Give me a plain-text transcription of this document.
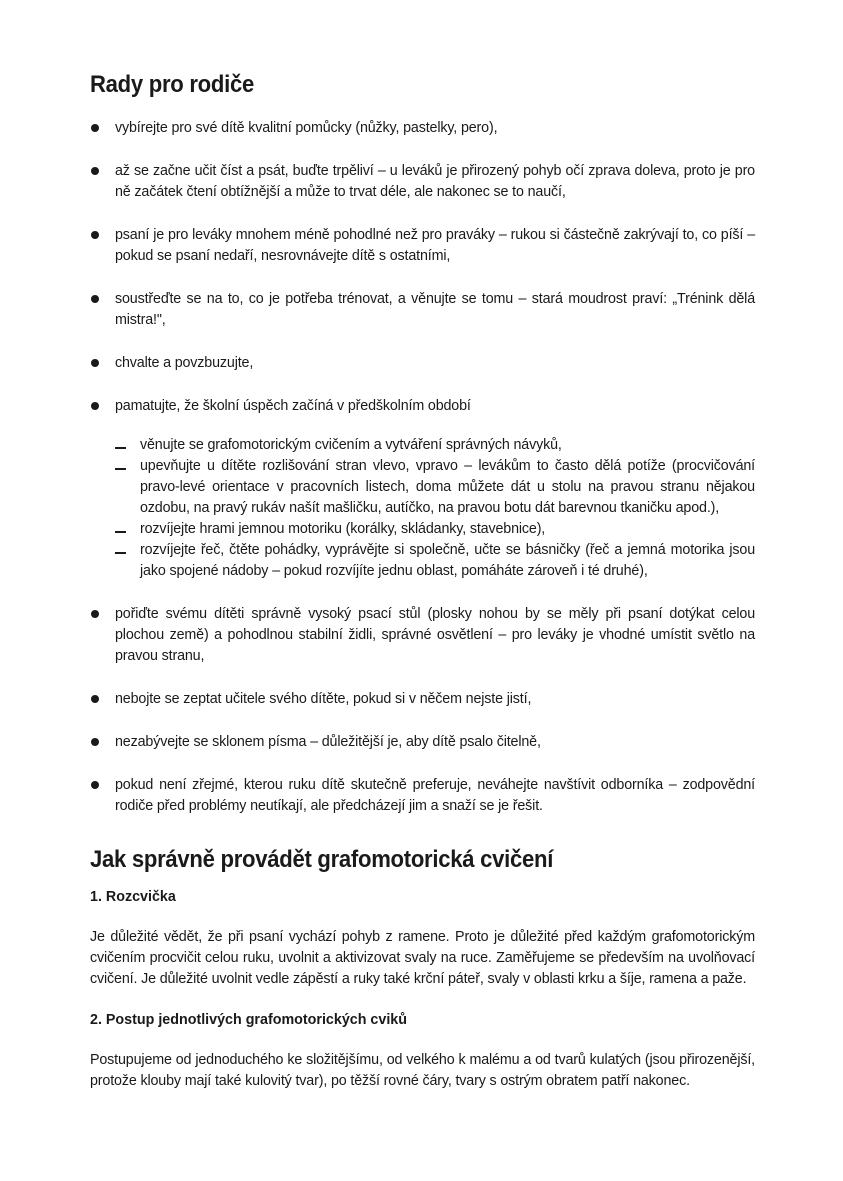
Rady pro rodiče
vybírejte pro své dítě kvalitní pomůcky (nůžky, pastelky, pero),
až se začne učit číst a psát, buďte trpěliví – u leváků je přirozený pohyb očí zprava doleva, proto je pro ně začátek čtení obtížnější a může to trvat déle, ale nakonec se to naučí,
psaní je pro leváky mnohem méně pohodlné než pro praváky – rukou si částečně zakrývají to, co píší – pokud se psaní nedaří, nesrovnávejte dítě s ostatními,
soustřeďte se na to, co je potřeba trénovat, a věnujte se tomu – stará moudrost praví: „Trénink dělá mistra!",
chvalte a povzbuzujte,
pamatujte, že školní úspěch začíná v předškolním období
věnujte se grafomotorickým cvičením a vytváření správných návyků,
upevňujte u dítěte rozlišování stran vlevo, vpravo – levákům to často dělá potíže (procvičování pravo-levé orientace v pracovních listech, doma můžete dát u stolu na pravou stranu nějakou ozdobu, na pravý rukáv našít mašličku, autíčko, na pravou botu dát barevnou tkaničku apod.),
rozvíjejte hrami jemnou motoriku (korálky, skládanky, stavebnice),
rozvíjejte řeč, čtěte pohádky, vyprávějte si společně, učte se básničky (řeč a jemná motorika jsou jako spojené nádoby – pokud rozvíjíte jednu oblast, pomáháte zároveň i té druhé),
pořiďte svému dítěti správně vysoký psací stůl (plosky nohou by se měly při psaní dotýkat celou plochou země) a pohodlnou stabilní židli, správné osvětlení – pro leváky je vhodné umístit světlo na pravou stranu,
nebojte se zeptat učitele svého dítěte, pokud si v něčem nejste jistí,
nezabývejte se sklonem písma – důležitější je, aby dítě psalo čitelně,
pokud není zřejmé, kterou ruku dítě skutečně preferuje, neváhejte navštívit odborníka – zodpovědní rodiče před problémy neutíkají, ale předcházejí jim a snaží se je řešit.
Jak správně provádět grafomotorická cvičení
1. Rozcvička

Je důležité vědět, že při psaní vychází pohyb z ramene. Proto je důležité před každým grafomotorickým cvičením procvičit celou ruku, uvolnit a aktivizovat svaly na ruce. Zaměřujeme se především na uvolňovací cvičení. Je důležité uvolnit vedle zápěstí a ruky také krční páteř, svaly v oblasti krku a šíje, ramena a paže.

2. Postup jednotlivých grafomotorických cviků

Postupujeme od jednoduchého ke složitějšímu, od velkého k malému a od tvarů kulatých (jsou přirozenější, protože klouby mají také kulovitý tvar), po těžší rovné čáry, tvary s ostrým obratem patří nakonec.
